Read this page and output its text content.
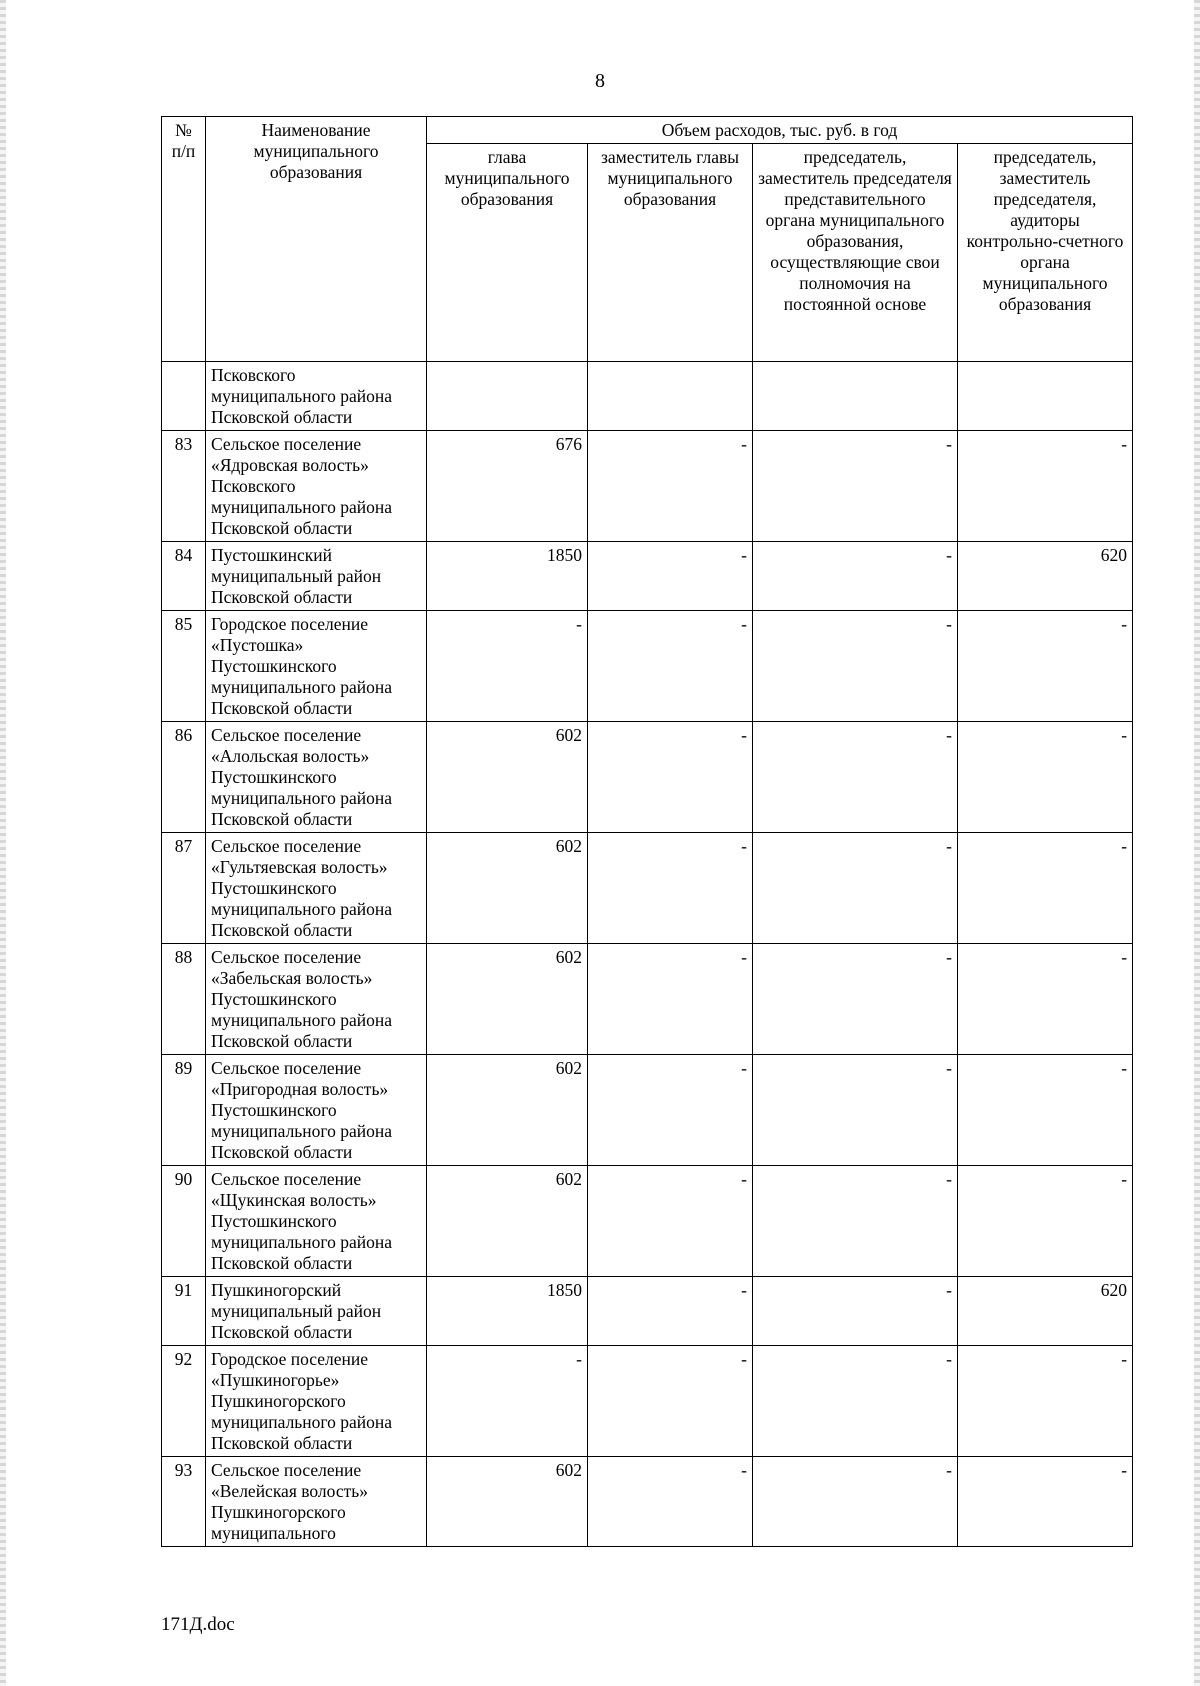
8
№ п/п	Наименование муниципального образования	Объем расходов, тыс. руб. в год			
		глава муниципального образования	заместитель главы муниципального образования	председатель, заместитель председателя представительного органа муниципального образования, осуществляющие свои полномочия на постоянной основе	председатель, заместитель председателя, аудиторы контрольно-счетного органа муниципального образования
	Псковского муниципального района Псковской области				
83	Сельское поселение «Ядровская волость» Псковского муниципального района Псковской области	676	-	-	-
84	Пустошкинский муниципальный район Псковской области	1850	-	-	620
85	Городское поселение «Пустошка» Пустошкинского муниципального района Псковской области	-	-	-	-
86	Сельское поселение «Алольская волость» Пустошкинского муниципального района Псковской области	602	-	-	-
87	Сельское поселение «Гультяевская волость» Пустошкинского муниципального района Псковской области	602	-	-	-
88	Сельское поселение «Забельская волость» Пустошкинского муниципального района Псковской области	602	-	-	-
89	Сельское поселение «Пригородная волость» Пустошкинского муниципального района Псковской области	602	-	-	-
90	Сельское поселение «Щукинская волость» Пустошкинского муниципального района Псковской области	602	-	-	-
91	Пушкиногорский муниципальный район Псковской области	1850	-	-	620
92	Городское поселение «Пушкиногорье» Пушкиногорского муниципального района Псковской области	-	-	-	-
93	Сельское поселение «Велейская волость» Пушкиногорского муниципального	602	-	-	-
171Д.doc
